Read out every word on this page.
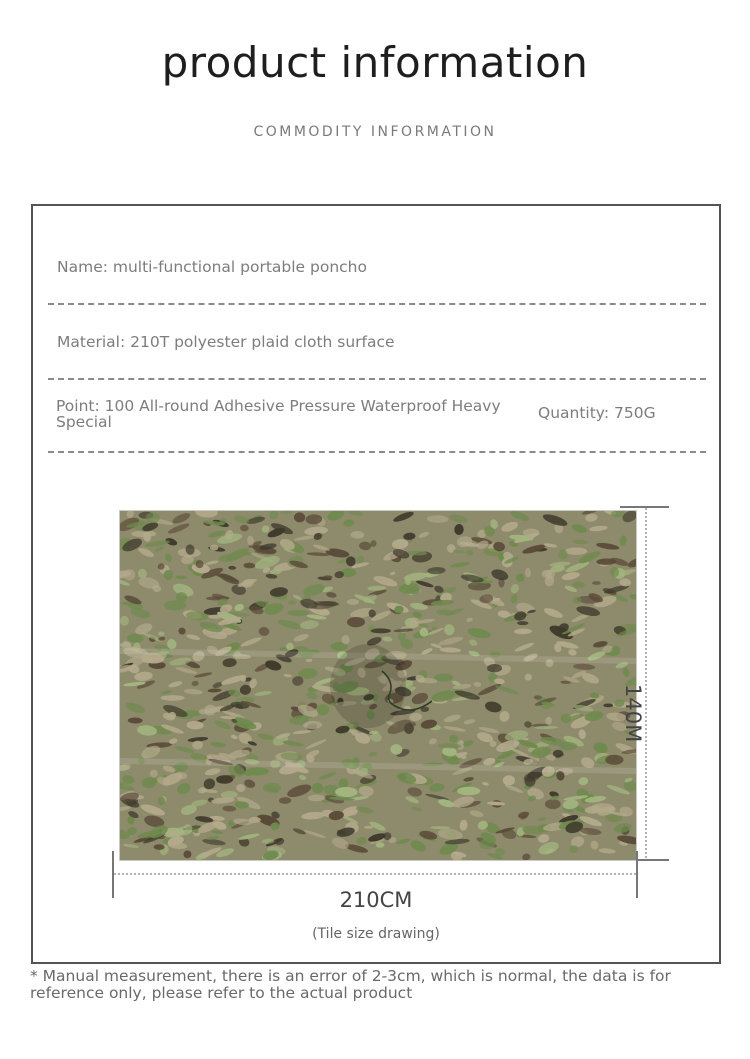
product information
COMMODITY INFORMATION
Name: multi-functional portable poncho
Material: 210T polyester plaid cloth surface
Point: 100 All-round Adhesive Pressure Waterproof Heavy Special	Quantity: 750G
140M
210CM
(Tile size drawing)
* Manual measurement, there is an error of 2-3cm, which is normal, the data is for reference only, please refer to the actual product
